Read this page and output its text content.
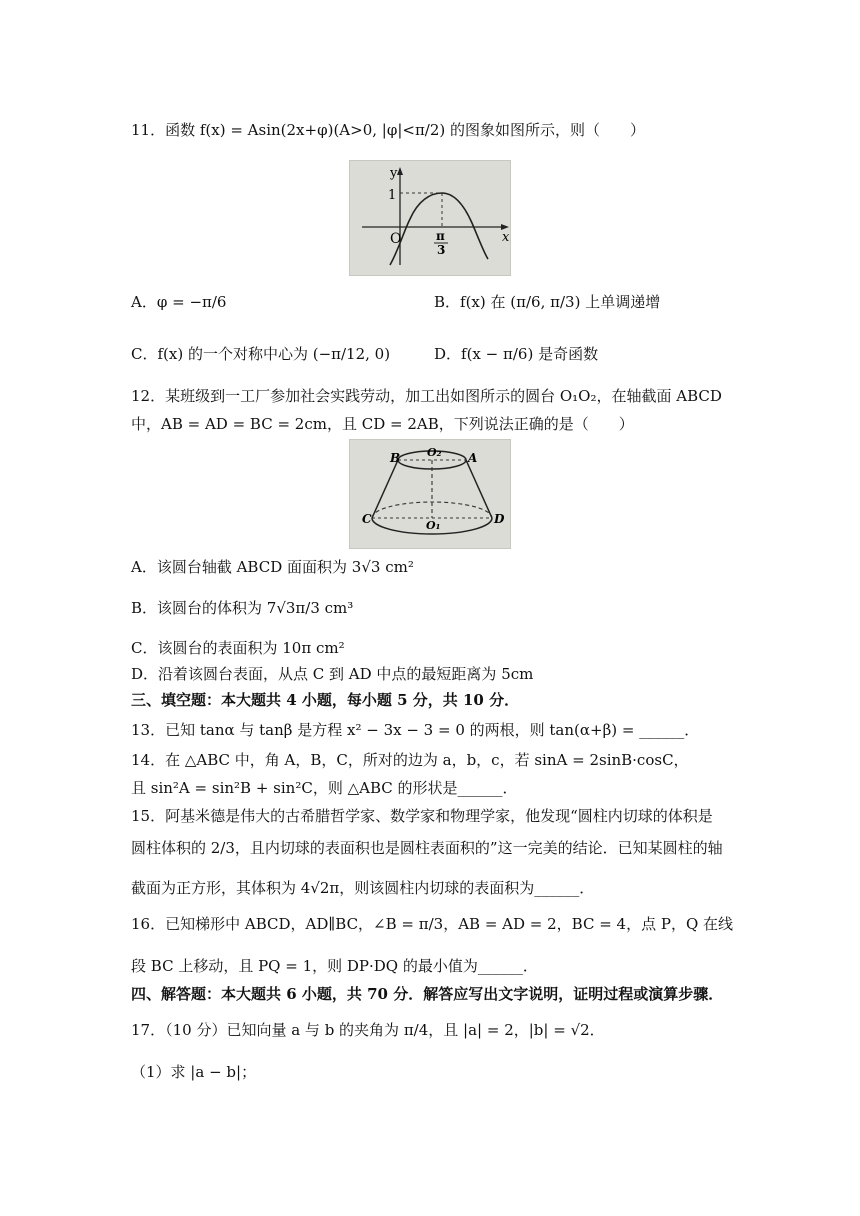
11．函数 f(x) = Asin(2x+φ)(A>0, |φ|<π/2) 的图象如图所示，则（　　）
y
x
1
O	π
3
A．φ = −π/6	B．f(x) 在 (π/6, π/3) 上单调递增
C．f(x) 的一个对称中心为 (−π/12, 0)	D．f(x − π/6) 是奇函数
12．某班级到一工厂参加社会实践劳动，加工出如图所示的圆台 O₁O₂，在轴截面 ABCD
中，AB = AD = BC = 2cm，且 CD = 2AB，下列说法正确的是（　　）
B O₂ A
C	O₁	D
A．该圆台轴截 ABCD 面面积为 3√3 cm²
B．该圆台的体积为 7√3π/3 cm³
C．该圆台的表面积为 10π cm²
D．沿着该圆台表面，从点 C 到 AD 中点的最短距离为 5cm
三、填空题：本大题共 4 小题，每小题 5 分，共 10 分．
13．已知 tanα 与 tanβ 是方程 x² − 3x − 3 = 0 的两根，则 tan(α+β) = ______．
14．在 △ABC 中，角 A，B，C，所对的边为 a，b，c，若 sinA = 2sinB·cosC，
且 sin²A = sin²B + sin²C，则 △ABC 的形状是______．
15．阿基米德是伟大的古希腊哲学家、数学家和物理学家，他发现“圆柱内切球的体积是
圆柱体积的 2/3，且内切球的表面积也是圆柱表面积的”这一完美的结论．已知某圆柱的轴
截面为正方形，其体积为 4√2π，则该圆柱内切球的表面积为______．
16．已知梯形中 ABCD，AD∥BC，∠B = π/3，AB = AD = 2，BC = 4，点 P，Q 在线
段 BC 上移动，且 PQ = 1，则 DP·DQ 的最小值为______．
四、解答题：本大题共 6 小题，共 70 分．解答应写出文字说明，证明过程或演算步骤．
17．（10 分）已知向量 a 与 b 的夹角为 π/4，且 |a| = 2，|b| = √2．
（1）求 |a − b|；
